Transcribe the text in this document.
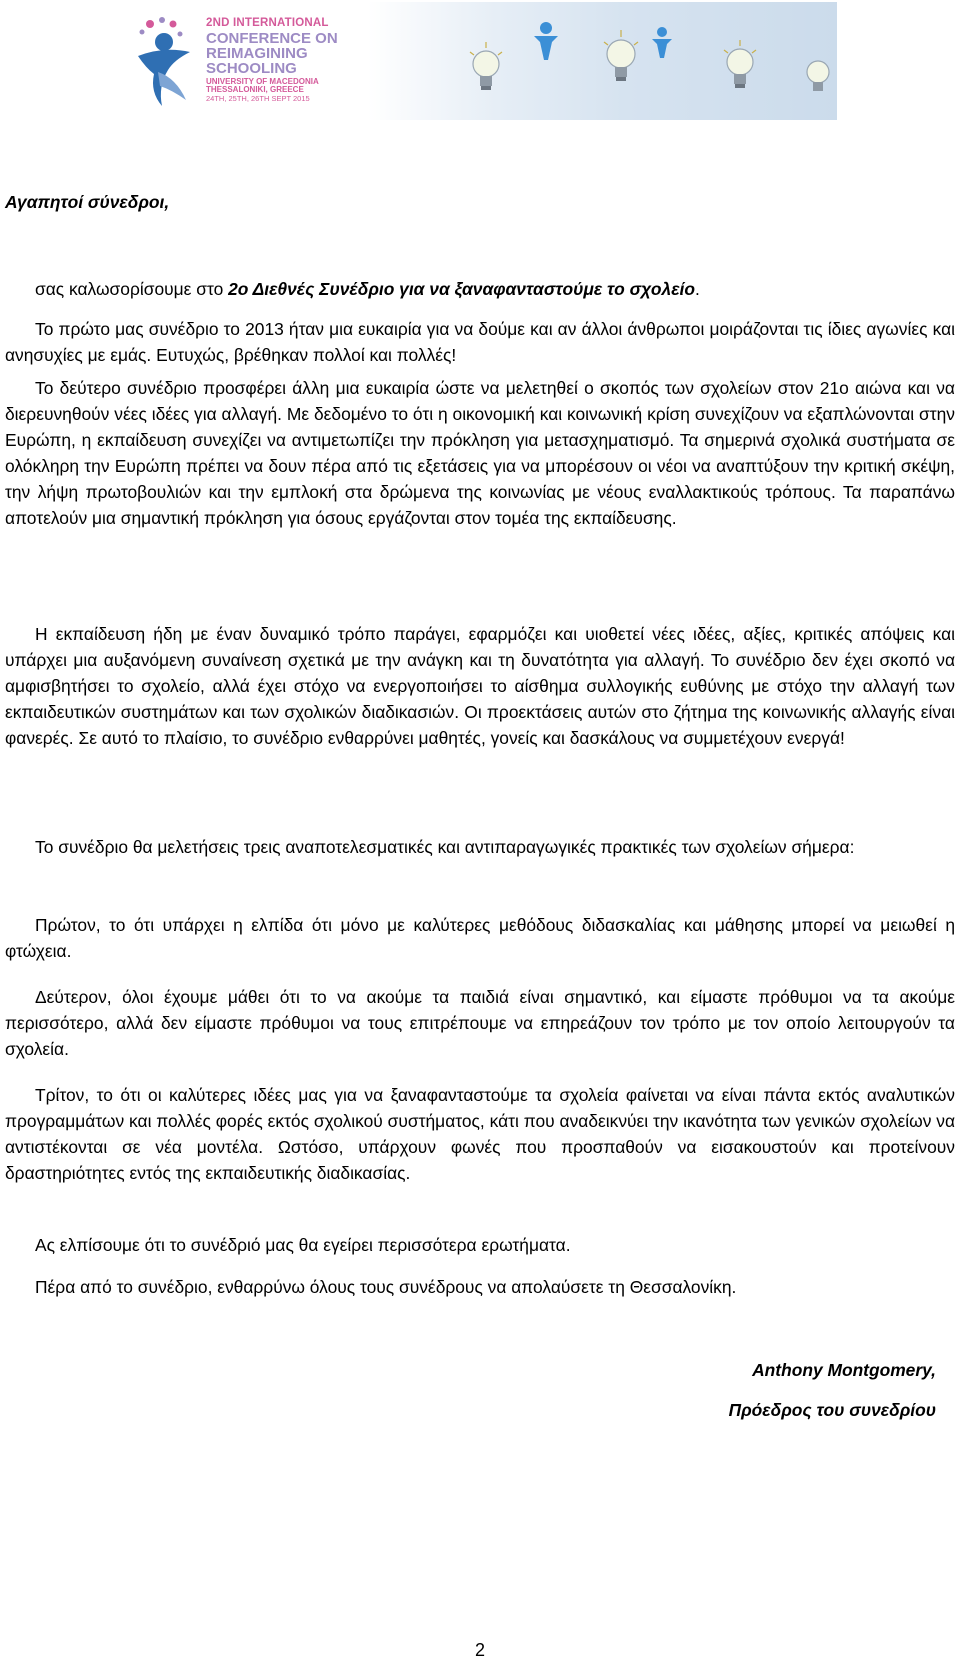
2ND INTERNATIONAL
CONFERENCE ON
REIMAGINING
SCHOOLING
UNIVERSITY OF MACEDONIA
THESSALONIKI, GREECE
24TH, 25TH, 26TH SEPT 2015
Αγαπητοί σύνεδροι,
σας καλωσορίσουμε στο 2ο Διεθνές Συνέδριο για να ξαναφανταστούμε το σχολείο.
Το πρώτο μας συνέδριο το 2013 ήταν μια ευκαιρία για να δούμε και αν άλλοι άνθρωποι μοιράζονται τις ίδιες αγωνίες και ανησυχίες με εμάς. Ευτυχώς, βρέθηκαν πολλοί και πολλές!
Το δεύτερο συνέδριο προσφέρει άλλη μια ευκαιρία ώστε να μελετηθεί ο σκοπός των σχολείων στον 21ο αιώνα και να διερευνηθούν νέες ιδέες για αλλαγή. Με δεδομένο το ότι η οικονομική και κοινωνική κρίση συνεχίζουν να εξαπλώνονται στην Ευρώπη, η εκπαίδευση συνεχίζει να αντιμετωπίζει την πρόκληση για μετασχηματισμό. Τα σημερινά σχολικά συστήματα σε ολόκληρη την Ευρώπη πρέπει να δουν πέρα από τις εξετάσεις για να μπορέσουν οι νέοι να αναπτύξουν την κριτική σκέψη, την λήψη πρωτοβουλιών και την εμπλοκή στα δρώμενα της κοινωνίας με νέους εναλλακτικούς τρόπους. Τα παραπάνω αποτελούν μια σημαντική πρόκληση για όσους εργάζονται στον τομέα της εκπαίδευσης.
Η εκπαίδευση ήδη με έναν δυναμικό τρόπο παράγει, εφαρμόζει και υιοθετεί νέες ιδέες, αξίες, κριτικές απόψεις και υπάρχει μια αυξανόμενη συναίνεση σχετικά με την ανάγκη και τη δυνατότητα για αλλαγή. Το συνέδριο δεν έχει σκοπό να αμφισβητήσει το σχολείο, αλλά έχει στόχο να ενεργοποιήσει το αίσθημα συλλογικής ευθύνης με στόχο την αλλαγή των εκπαιδευτικών συστημάτων και των σχολικών διαδικασιών. Οι προεκτάσεις αυτών στο ζήτημα της κοινωνικής αλλαγής είναι φανερές. Σε αυτό το πλαίσιο, το συνέδριο ενθαρρύνει μαθητές, γονείς και δασκάλους να συμμετέχουν ενεργά!
Το συνέδριο θα μελετήσεις τρεις αναποτελεσματικές και αντιπαραγωγικές πρακτικές των σχολείων σήμερα:
Πρώτον, το ότι υπάρχει η ελπίδα ότι μόνο με καλύτερες μεθόδους διδασκαλίας και μάθησης μπορεί να μειωθεί η φτώχεια.
Δεύτερον, όλοι έχουμε μάθει ότι το να ακούμε τα παιδιά είναι σημαντικό, και είμαστε πρόθυμοι να τα ακούμε περισσότερο, αλλά δεν είμαστε πρόθυμοι να τους επιτρέπουμε να επηρεάζουν τον τρόπο με τον οποίο λειτουργούν τα σχολεία.
Τρίτον, το ότι οι καλύτερες ιδέες μας για να ξαναφανταστούμε τα σχολεία φαίνεται να είναι πάντα εκτός αναλυτικών προγραμμάτων και πολλές φορές εκτός σχολικού συστήματος, κάτι που αναδεικνύει την ικανότητα των γενικών σχολείων να αντιστέκονται σε νέα μοντέλα. Ωστόσο, υπάρχουν φωνές που προσπαθούν να εισακουστούν και προτείνουν δραστηριότητες εντός της εκπαιδευτικής διαδικασίας.
Ας ελπίσουμε ότι το συνέδριό μας θα εγείρει περισσότερα ερωτήματα.
Πέρα από το συνέδριο, ενθαρρύνω όλους τους συνέδρους να απολαύσετε τη Θεσσαλονίκη.
Anthony Montgomery,
Πρόεδρος του συνεδρίου
2
